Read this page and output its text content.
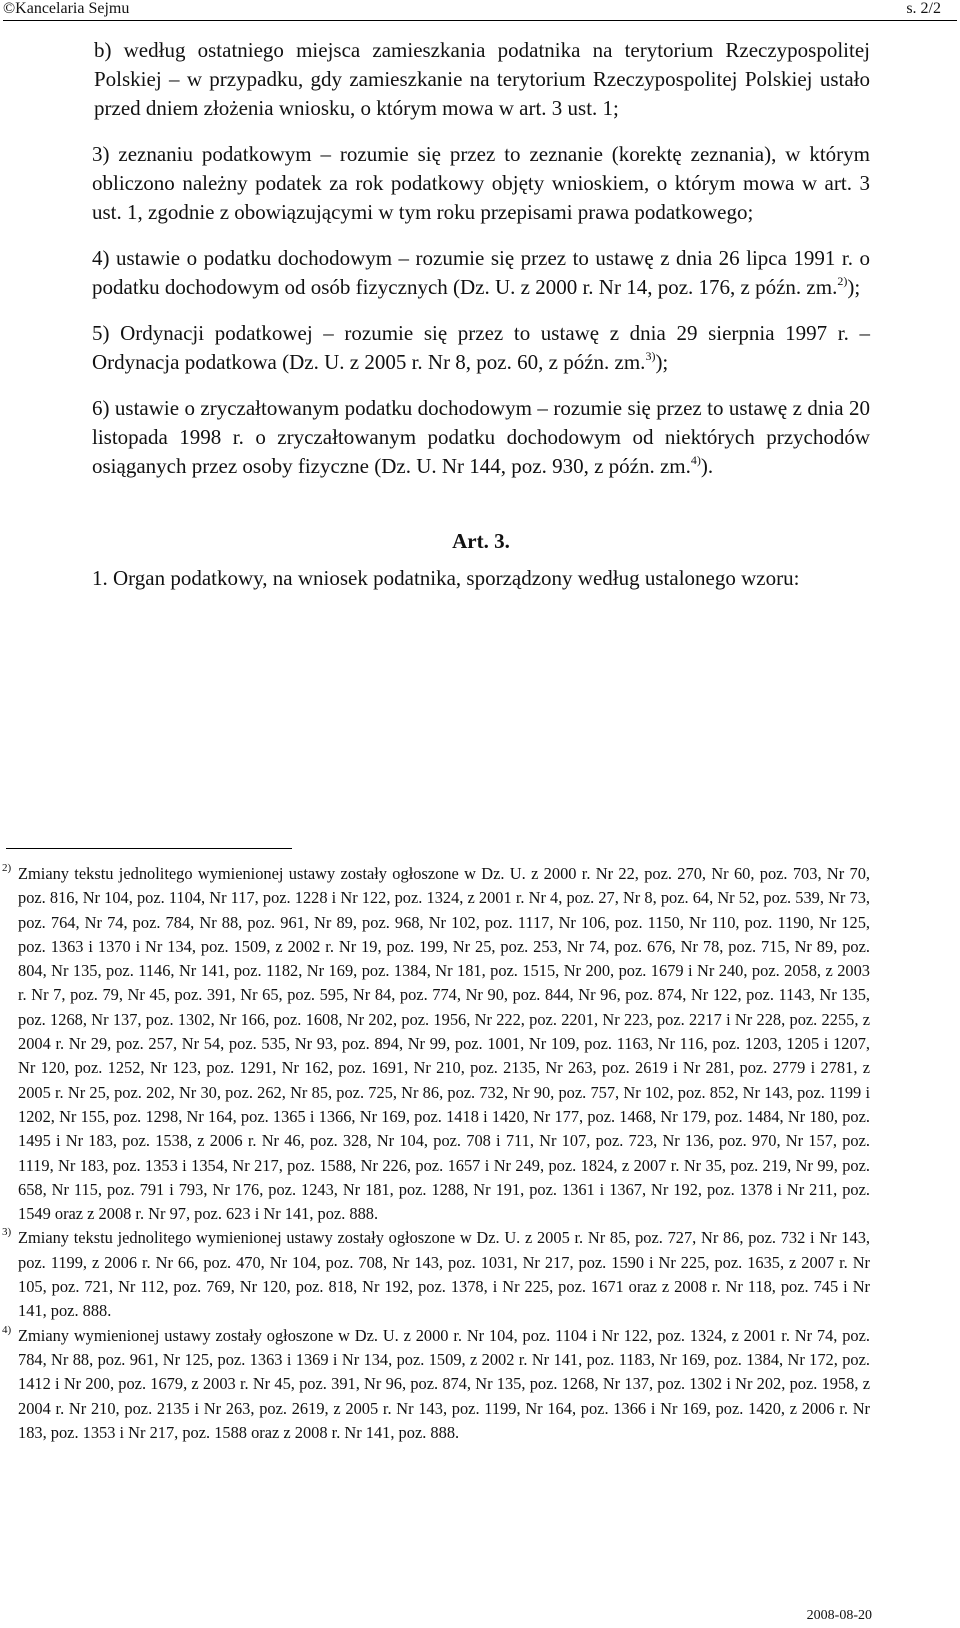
©Kancelaria Sejmu	s. 2/2

b) według ostatniego miejsca zamieszkania podatnika na terytorium Rzeczypospolitej Polskiej – w przypadku, gdy zamieszkanie na terytorium Rzeczypospolitej Polskiej ustało przed dniem złożenia wniosku, o którym mowa w art. 3 ust. 1;

3) zeznaniu podatkowym – rozumie się przez to zeznanie (korektę zeznania), w którym obliczono należny podatek za rok podatkowy objęty wnioskiem, o którym mowa w art. 3 ust. 1, zgodnie z obowiązującymi w tym roku przepisami prawa podatkowego;

4) ustawie o podatku dochodowym – rozumie się przez to ustawę z dnia 26 lipca 1991 r. o podatku dochodowym od osób fizycznych (Dz. U. z 2000 r. Nr 14, poz. 176, z późn. zm.$^{2)}$);

5) Ordynacji podatkowej – rozumie się przez to ustawę z dnia 29 sierpnia 1997 r. – Ordynacja podatkowa (Dz. U. z 2005 r. Nr 8, poz. 60, z późn. zm.$^{3)}$);

6) ustawie o zryczałtowanym podatku dochodowym – rozumie się przez to ustawę z dnia 20 listopada 1998 r. o zryczałtowanym podatku dochodowym od niektórych przychodów osiąganych przez osoby fizyczne (Dz. U. Nr 144, poz. 930, z późn. zm.$^{4)}$).

Art. 3.

1. Organ podatkowy, na wniosek podatnika, sporządzony według ustalonego wzoru:

2) Zmiany tekstu jednolitego wymienionej ustawy zostały ogłoszone w Dz. U. z 2000 r. Nr 22, poz. 270, Nr 60, poz. 703, Nr 70, poz. 816, Nr 104, poz. 1104, Nr 117, poz. 1228 i Nr 122, poz. 1324, z 2001 r. Nr 4, poz. 27, Nr 8, poz. 64, Nr 52, poz. 539, Nr 73, poz. 764, Nr 74, poz. 784, Nr 88, poz. 961, Nr 89, poz. 968, Nr 102, poz. 1117, Nr 106, poz. 1150, Nr 110, poz. 1190, Nr 125, poz. 1363 i 1370 i Nr 134, poz. 1509, z 2002 r. Nr 19, poz. 199, Nr 25, poz. 253, Nr 74, poz. 676, Nr 78, poz. 715, Nr 89, poz. 804, Nr 135, poz. 1146, Nr 141, poz. 1182, Nr 169, poz. 1384, Nr 181, poz. 1515, Nr 200, poz. 1679 i Nr 240, poz. 2058, z 2003 r. Nr 7, poz. 79, Nr 45, poz. 391, Nr 65, poz. 595, Nr 84, poz. 774, Nr 90, poz. 844, Nr 96, poz. 874, Nr 122, poz. 1143, Nr 135, poz. 1268, Nr 137, poz. 1302, Nr 166, poz. 1608, Nr 202, poz. 1956, Nr 222, poz. 2201, Nr 223, poz. 2217 i Nr 228, poz. 2255, z 2004 r. Nr 29, poz. 257, Nr 54, poz. 535, Nr 93, poz. 894, Nr 99, poz. 1001, Nr 109, poz. 1163, Nr 116, poz. 1203, 1205 i 1207, Nr 120, poz. 1252, Nr 123, poz. 1291, Nr 162, poz. 1691, Nr 210, poz. 2135, Nr 263, poz. 2619 i Nr 281, poz. 2779 i 2781, z 2005 r. Nr 25, poz. 202, Nr 30, poz. 262, Nr 85, poz. 725, Nr 86, poz. 732, Nr 90, poz. 757, Nr 102, poz. 852, Nr 143, poz. 1199 i 1202, Nr 155, poz. 1298, Nr 164, poz. 1365 i 1366, Nr 169, poz. 1418 i 1420, Nr 177, poz. 1468, Nr 179, poz. 1484, Nr 180, poz. 1495 i Nr 183, poz. 1538, z 2006 r. Nr 46, poz. 328, Nr 104, poz. 708 i 711, Nr 107, poz. 723, Nr 136, poz. 970, Nr 157, poz. 1119, Nr 183, poz. 1353 i 1354, Nr 217, poz. 1588, Nr 226, poz. 1657 i Nr 249, poz. 1824, z 2007 r. Nr 35, poz. 219, Nr 99, poz. 658, Nr 115, poz. 791 i 793, Nr 176, poz. 1243, Nr 181, poz. 1288, Nr 191, poz. 1361 i 1367, Nr 192, poz. 1378 i Nr 211, poz. 1549 oraz z 2008 r. Nr 97, poz. 623 i Nr 141, poz. 888.

3) Zmiany tekstu jednolitego wymienionej ustawy zostały ogłoszone w Dz. U. z 2005 r. Nr 85, poz. 727, Nr 86, poz. 732 i Nr 143, poz. 1199, z 2006 r. Nr 66, poz. 470, Nr 104, poz. 708, Nr 143, poz. 1031, Nr 217, poz. 1590 i Nr 225, poz. 1635, z 2007 r. Nr 105, poz. 721, Nr 112, poz. 769, Nr 120, poz. 818, Nr 192, poz. 1378, i Nr 225, poz. 1671 oraz z 2008 r. Nr 118, poz. 745 i Nr 141, poz. 888.

4) Zmiany wymienionej ustawy zostały ogłoszone w Dz. U. z 2000 r. Nr 104, poz. 1104 i Nr 122, poz. 1324, z 2001 r. Nr 74, poz. 784, Nr 88, poz. 961, Nr 125, poz. 1363 i 1369 i Nr 134, poz. 1509, z 2002 r. Nr 141, poz. 1183, Nr 169, poz. 1384, Nr 172, poz. 1412 i Nr 200, poz. 1679, z 2003 r. Nr 45, poz. 391, Nr 96, poz. 874, Nr 135, poz. 1268, Nr 137, poz. 1302 i Nr 202, poz. 1958, z 2004 r. Nr 210, poz. 2135 i Nr 263, poz. 2619, z 2005 r. Nr 143, poz. 1199, Nr 164, poz. 1366 i Nr 169, poz. 1420, z 2006 r. Nr 183, poz. 1353 i Nr 217, poz. 1588 oraz z 2008 r. Nr 141, poz. 888.

2008-08-20
